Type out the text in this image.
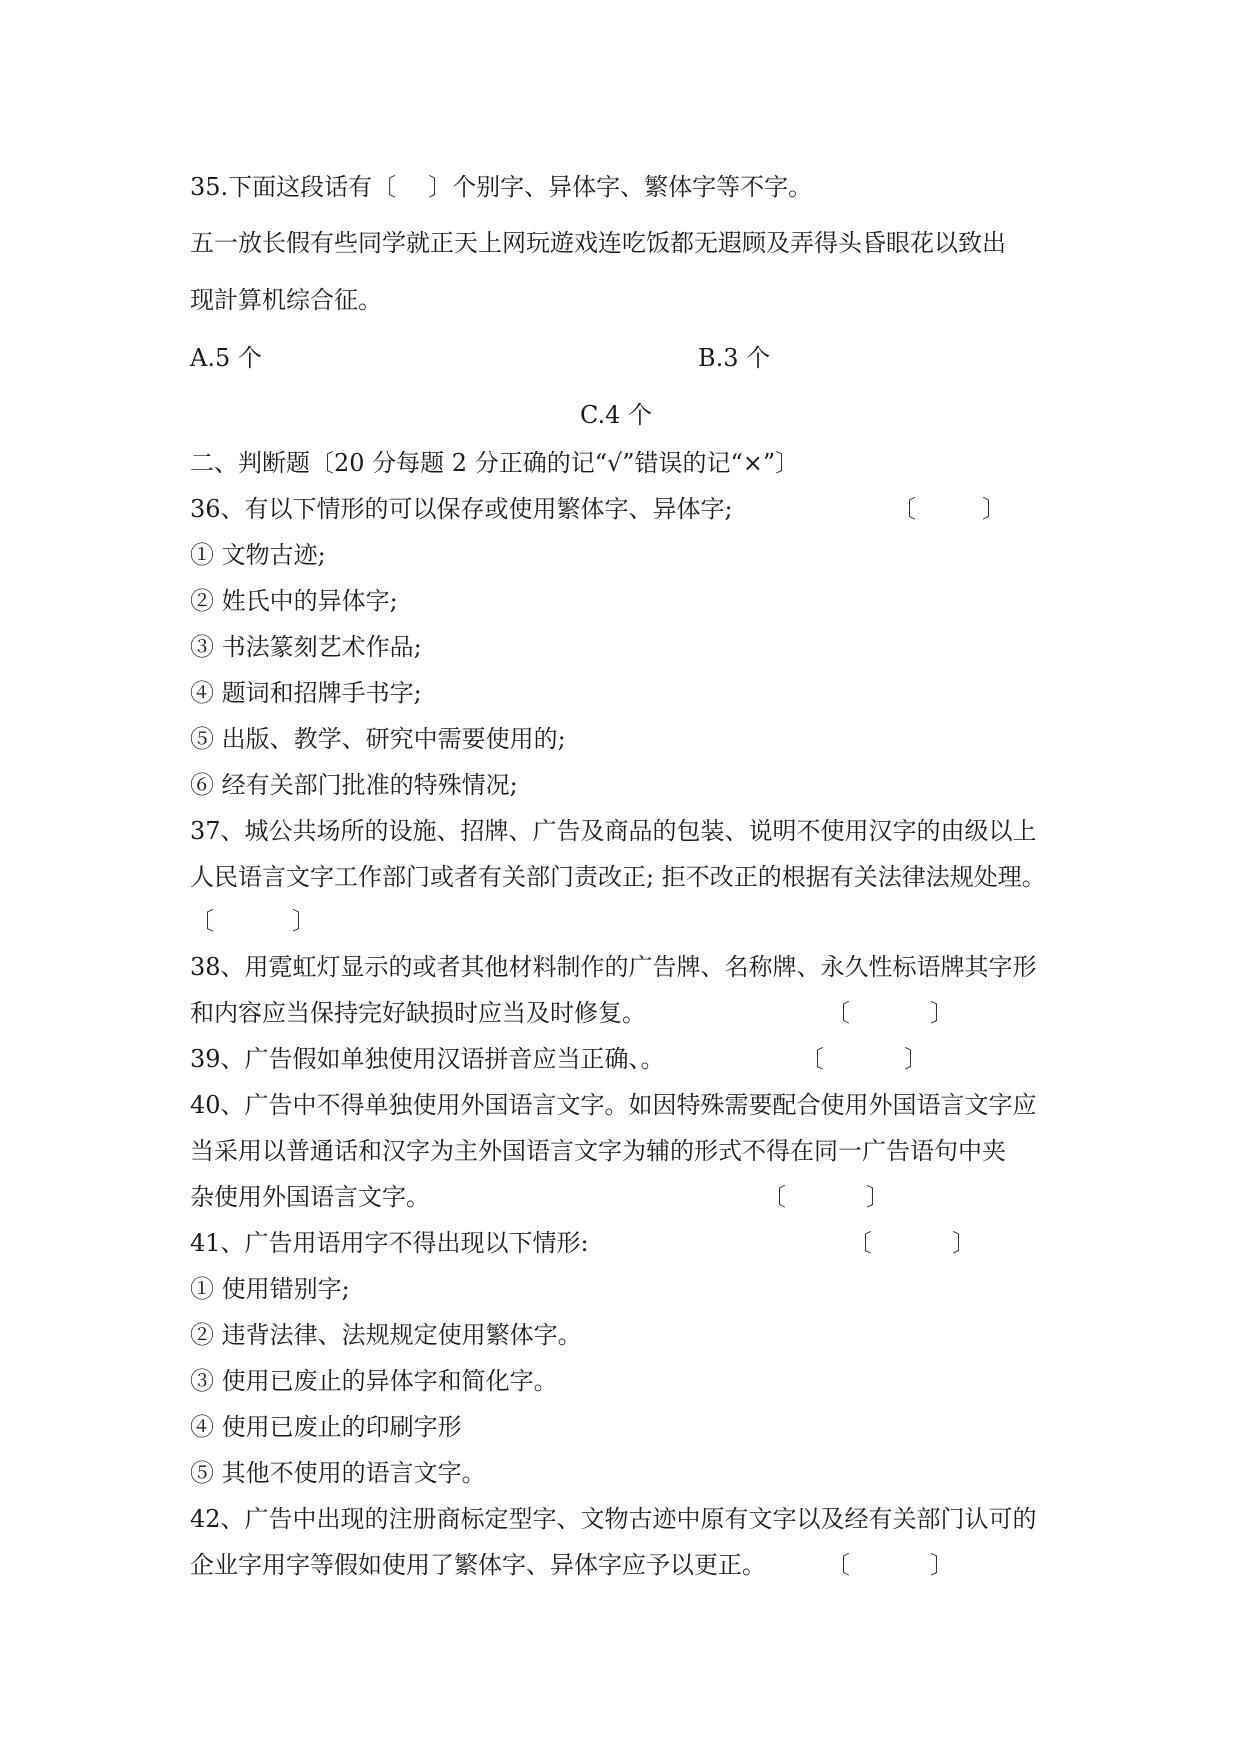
35.下面这段话有〔 〕个别字、异体字、繁体字等不字。
五一放长假有些同学就正天上网玩遊戏连吃饭都无遐顾及弄得头昏眼花以致出
现計算机综合征。
A.5 个	B.3 个
C.4 个
二、判断题〔20 分每题 2 分正确的记“√”错误的记“×”〕
36、有以下情形的可以保存或使用繁体字、异体字;	〔	〕
① 文物古迹;
② 姓氏中的异体字;
③ 书法篆刻艺术作品;
④ 题词和招牌手书字;
⑤ 出版、教学、研究中需要使用的;
⑥ 经有关部门批准的特殊情况;
37、城公共场所的设施、招牌、广告及商品的包装、说明不使用汉字的由级以上
人民语言文字工作部门或者有关部门责改正; 拒不改正的根据有关法律法规处理。
〔	〕
38、用霓虹灯显示的或者其他材料制作的广告牌、名称牌、永久性标语牌其字形
和内容应当保持完好缺损时应当及时修复。	〔	〕
39、广告假如单独使用汉语拼音应当正确、。	〔	〕
40、广告中不得单独使用外国语言文字。如因特殊需要配合使用外国语言文字应
当采用以普通话和汉字为主外国语言文字为辅的形式不得在同一广告语句中夹
杂使用外国语言文字。	〔	〕
41、广告用语用字不得出现以下情形:	〔	〕
① 使用错别字;
② 违背法律、法规规定使用繁体字。
③ 使用已废止的异体字和简化字。
④ 使用已废止的印刷字形
⑤ 其他不使用的语言文字。
42、广告中出现的注册商标定型字、文物古迹中原有文字以及经有关部门认可的
企业字用字等假如使用了繁体字、异体字应予以更正。	〔	〕
